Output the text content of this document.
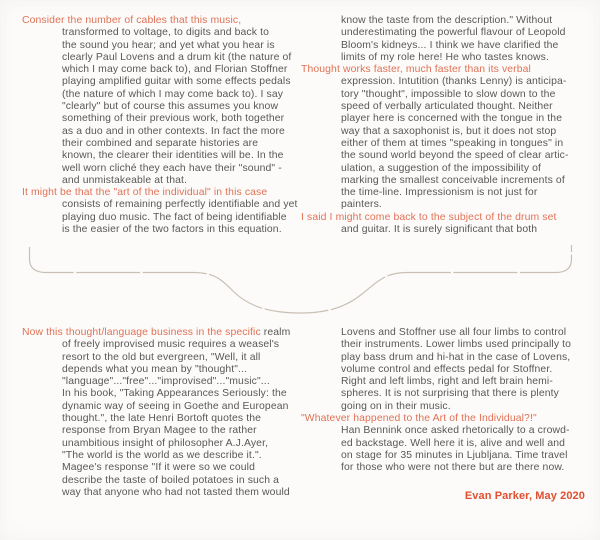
Consider the number of cables that this music,
transformed to voltage, to digits and back to
the sound you hear; and yet what you hear is
clearly Paul Lovens and a drum kit (the nature of
which I may come back to), and Florian Stoffner
playing amplified guitar with some effects pedals
(the nature of which I may come back to). I say
"clearly" but of course this assumes you know
something of their previous work, both together
as a duo and in other contexts. In fact the more
their combined and separate histories are
known, the clearer their identities will be. In the
well worn cliché they each have their "sound" -
and unmistakeable at that.
It might be that the "art of the individual" in this case
consists of remaining perfectly identifiable and yet
playing duo music. The fact of being identifiable
is the easier of the two factors in this equation.
know the taste from the description." Without
underestimating the powerful flavour of Leopold
Bloom's kidneys... I think we have clarified the
limits of my role here! He who tastes knows.
Thought works faster, much faster than its verbal
expression. Intutition (thanks Lenny) is anticipa-
tory "thought", impossible to slow down to the
speed of verbally articulated thought. Neither
player here is concerned with the tongue in the
way that a saxophonist is, but it does not stop
either of them at times "speaking in tongues" in
the sound world beyond the speed of clear artic-
ulation, a suggestion of the impossibility of
marking the smallest conceivable increments of
the time-line. Impressionism is not just for
painters.
I said I might come back to the subject of the drum set
and guitar. It is surely significant that both
Now this thought/language business in the specific realm
of freely improvised music requires a weasel's
resort to the old but evergreen, "Well, it all
depends what you mean by "thought"...
"language"..."free"..."improvised"..."music"...
In his book, "Taking Appearances Seriously: the
dynamic way of seeing in Goethe and European
thought.", the late Henri Bortoft quotes the
response from Bryan Magee to the rather
unambitious insight of philosopher A.J.Ayer,
"The world is the world as we describe it.".
Magee's response "If it were so we could
describe the taste of boiled potatoes in such a
way that anyone who had not tasted them would
Lovens and Stoffner use all four limbs to control
their instruments. Lower limbs used principally to
play bass drum and hi-hat in the case of Lovens,
volume control and effects pedal for Stoffner.
Right and left limbs, right and left brain hemi-
spheres. It is not surprising that there is plenty
going on in their music.
"Whatever happened to the Art of the Individual?!"
Han Bennink once asked rhetorically to a crowd-
ed backstage. Well here it is, alive and well and
on stage for 35 minutes in Ljubljana. Time travel
for those who were not there but are there now.
Evan Parker, May 2020
